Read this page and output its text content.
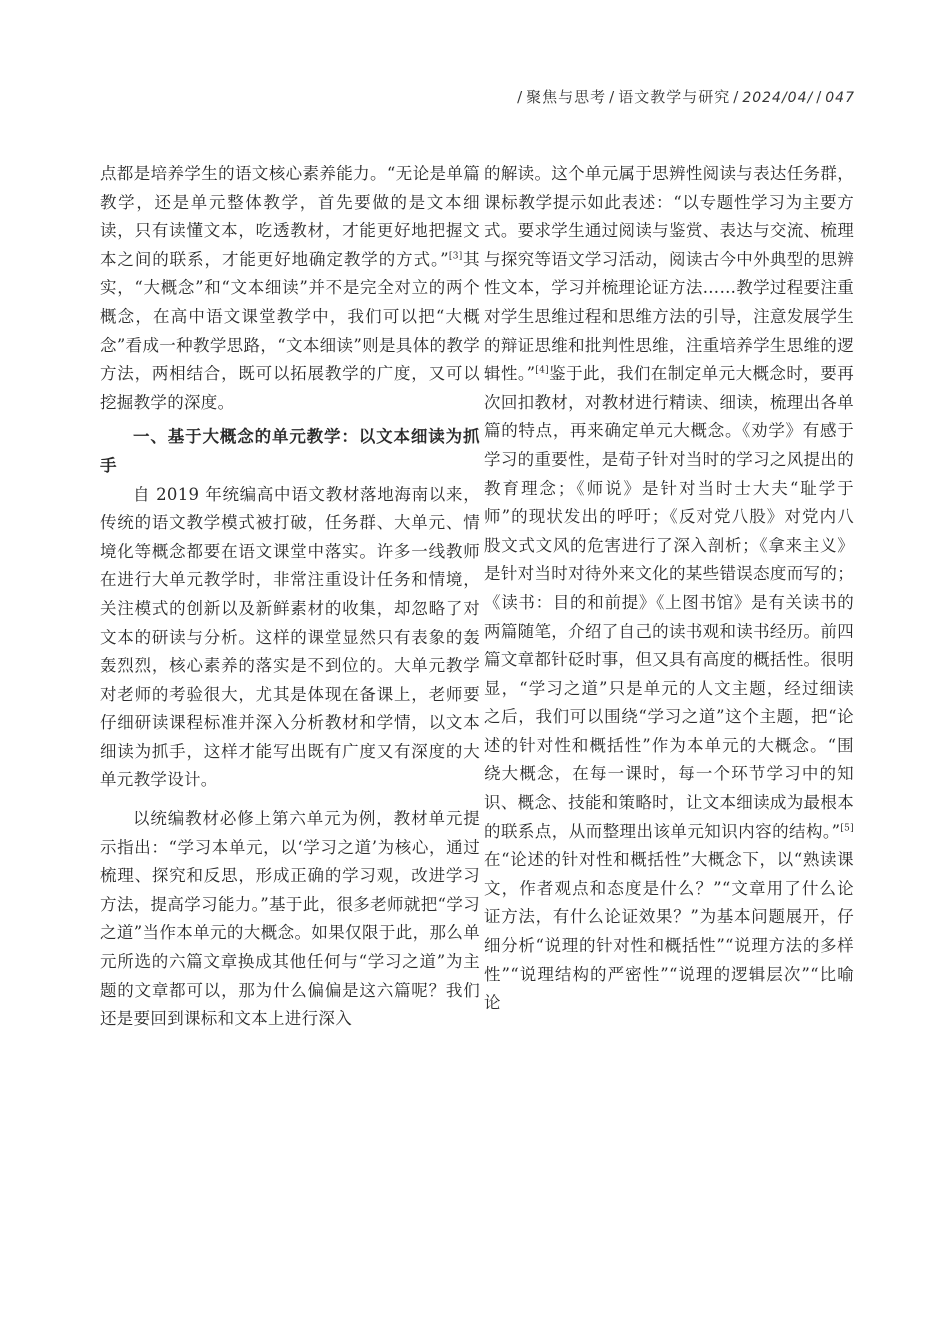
/ 聚焦与思考 / 语文教学与研究 / 2024/04/ / 047

点都是培养学生的语文核心素养能力。“无论是单篇教学，还是单元整体教学，首先要做的是文本细读，只有读懂文本，吃透教材，才能更好地把握文本之间的联系，才能更好地确定教学的方式。”[3]其实，“大概念”和“文本细读”并不是完全对立的两个概念，在高中语文课堂教学中，我们可以把“大概念”看成一种教学思路，“文本细读”则是具体的教学方法，两相结合，既可以拓展教学的广度，又可以挖掘教学的深度。

一、基于大概念的单元教学：以文本细读为抓手

自 2019 年统编高中语文教材落地海南以来，传统的语文教学模式被打破，任务群、大单元、情境化等概念都要在语文课堂中落实。许多一线教师在进行大单元教学时，非常注重设计任务和情境，关注模式的创新以及新鲜素材的收集，却忽略了对文本的研读与分析。这样的课堂显然只有表象的轰轰烈烈，核心素养的落实是不到位的。大单元教学对老师的考验很大，尤其是体现在备课上，老师要仔细研读课程标准并深入分析教材和学情，以文本细读为抓手，这样才能写出既有广度又有深度的大单元教学设计。

以统编教材必修上第六单元为例，教材单元提示指出：“学习本单元，以‘学习之道’为核心，通过梳理、探究和反思，形成正确的学习观，改进学习方法，提高学习能力。”基于此，很多老师就把“学习之道”当作本单元的大概念。如果仅限于此，那么单元所选的六篇文章换成其他任何与“学习之道”为主题的文章都可以，那为什么偏偏是这六篇呢？我们还是要回到课标和文本上进行深入

的解读。这个单元属于思辨性阅读与表达任务群，课标教学提示如此表述：“以专题性学习为主要方式。要求学生通过阅读与鉴赏、表达与交流、梳理与探究等语文学习活动，阅读古今中外典型的思辨性文本，学习并梳理论证方法……教学过程要注重对学生思维过程和思维方法的引导，注意发展学生的辩证思维和批判性思维，注重培养学生思维的逻辑性。”[4]鉴于此，我们在制定单元大概念时，要再次回扣教材，对教材进行精读、细读，梳理出各单篇的特点，再来确定单元大概念。《劝学》有感于学习的重要性，是荀子针对当时的学习之风提出的教育理念；《师说》是针对当时士大夫“耻学于师”的现状发出的呼吁；《反对党八股》对党内八股文式文风的危害进行了深入剖析；《拿来主义》是针对当时对待外来文化的某些错误态度而写的；《读书：目的和前提》《上图书馆》是有关读书的两篇随笔，介绍了自己的读书观和读书经历。前四篇文章都针砭时事，但又具有高度的概括性。很明显，“学习之道”只是单元的人文主题，经过细读之后，我们可以围绕“学习之道”这个主题，把“论述的针对性和概括性”作为本单元的大概念。“围绕大概念，在每一课时，每一个环节学习中的知识、概念、技能和策略时，让文本细读成为最根本的联系点，从而整理出该单元知识内容的结构。”[5]在“论述的针对性和概括性”大概念下，以“熟读课文，作者观点和态度是什么？”“文章用了什么论证方法，有什么论证效果？”为基本问题展开，仔细分析“说理的针对性和概括性”“说理方法的多样性”“说理结构的严密性”“说理的逻辑层次”“比喻论
